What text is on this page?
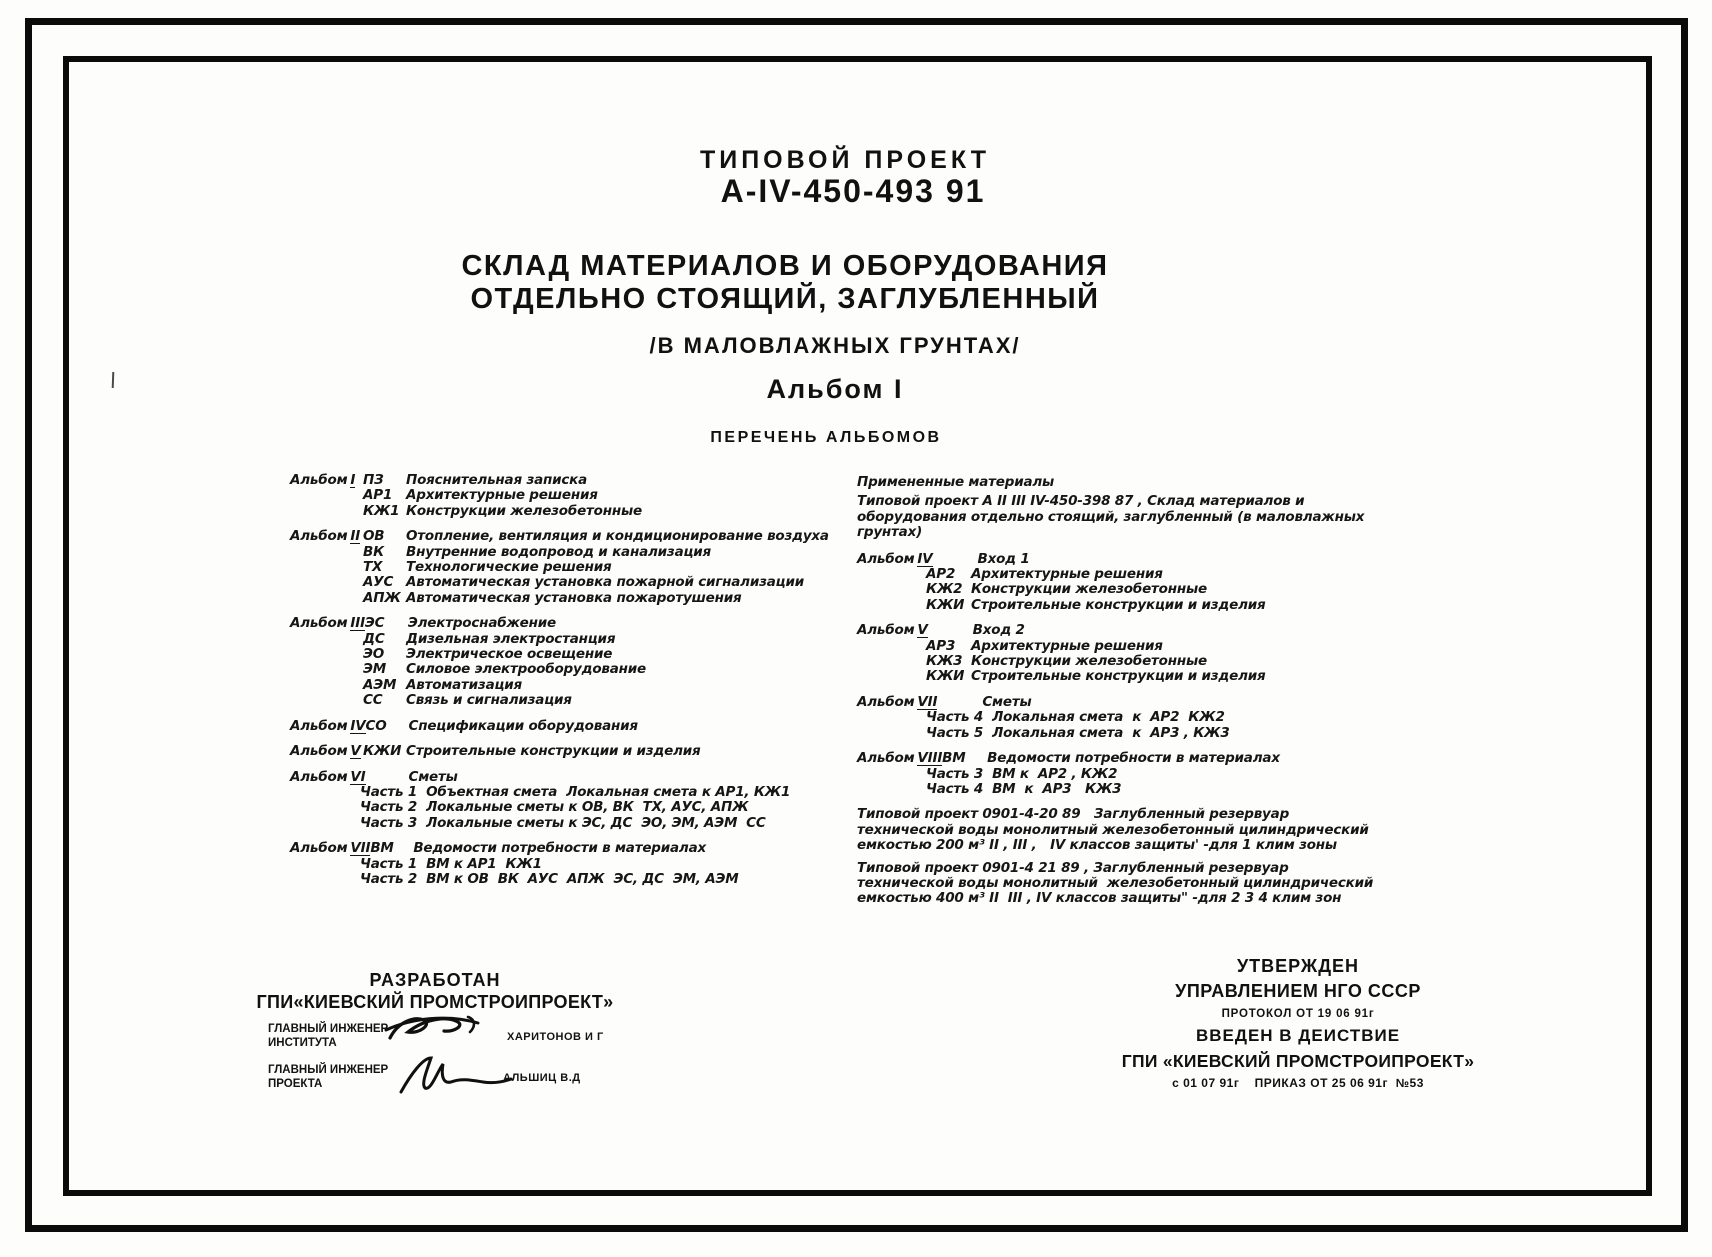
ТИПОВОЙ ПРОЕКТ
А-IV-450-493 91
СКЛАД МАТЕРИАЛОВ И ОБОРУДОВАНИЯ
ОТДЕЛЬНО СТОЯЩИЙ, ЗАГЛУБЛЕННЫЙ
/В МАЛОВЛАЖНЫХ ГРУНТАХ/
Альбом I
ПЕРЕЧЕНЬ АЛЬБОМОВ
Альбом I ПЗ	Пояснительная записка
АР1	Архитектурные решения
КЖ1 Конструкции железобетонные
Альбом II ОВ	Отопление, вентиляция и кондиционирование воздуха
ВК	Внутренние водопровод и канализация
ТХ	Технологические решения
АУС Автоматическая установка пожарной сигнализации
АПЖ Автоматическая установка пожаротушения
Альбом III ЭС	Электроснабжение
ДС	Дизельная электростанция
ЭО	Электрическое освещение
ЭМ	Силовое электрооборудование
АЭМ Автоматизация
СС	Связь и сигнализация
Альбом IV СО	Спецификации оборудования
Альбом V КЖИ Строительные конструкции и изделия
Альбом VI	Сметы
Часть 1  Объектная смета  Локальная смета к АР1, КЖ1
Часть 2  Локальные сметы к ОВ, ВК  ТХ, АУС, АПЖ
Часть 3  Локальные сметы к ЭС, ДС  ЭО, ЭМ, АЭМ  СС
Альбом VII ВМ	Ведомости потребности в материалах
Часть 1  ВМ к АР1  КЖ1
Часть 2  ВМ к ОВ  ВК  АУС  АПЖ  ЭС, ДС  ЭМ, АЭМ
Примененные материалы
Типовой проект А II III IV-450-398 87 , Склад материалов и
оборудования отдельно стоящий, заглубленный (в маловлажных
грунтах)
Альбом IV	Вход 1
АР2	Архитектурные решения
КЖ2 Конструкции железобетонные
КЖИ Строительные конструкции и изделия
Альбом V	Вход 2
АР3	Архитектурные решения
КЖ3 Конструкции железобетонные
КЖИ Строительные конструкции и изделия
Альбом VII	Сметы
Часть 4  Локальная смета  к  АР2  КЖ2
Часть 5  Локальная смета  к  АР3 , КЖ3
Альбом VIII ВМ	Ведомости потребности в материалах
Часть 3  ВМ к  АР2 , КЖ2
Часть 4  ВМ  к  АР3   КЖ3
Типовой проект 0901-4-20 89   Заглубленный резервуар
технической воды монолитный железобетонный цилиндрический
емкостью 200 м³ II , III ,   IV классов защиты' -для 1 клим зоны
Типовой проект 0901-4 21 89 , Заглубленный резервуар
технической воды монолитный  железобетонный цилиндрический
емкостью 400 м³ II  III , IV классов защиты" -для 2 3 4 клим зон
РАЗРАБОТАН
ГПИ«КИЕВСКИЙ ПРОМСТРОИПРОЕКТ»
ГЛАВНЫЙ ИНЖЕНЕР
ИНСТИТУТА	ХАРИТОНОВ И Г
ГЛАВНЫЙ ИНЖЕНЕР
ПРОЕКТА	АЛЬШИЦ В.Д
УТВЕРЖДЕН
УПРАВЛЕНИЕМ НГО СССР
ПРОТОКОЛ ОТ 19 06 91г
ВВЕДЕН В ДЕИСТВИЕ
ГПИ «КИЕВСКИЙ ПРОМСТРОИПРОЕКТ»
с 01 07 91г ПРИКАЗ ОТ 25 06 91г  №53
